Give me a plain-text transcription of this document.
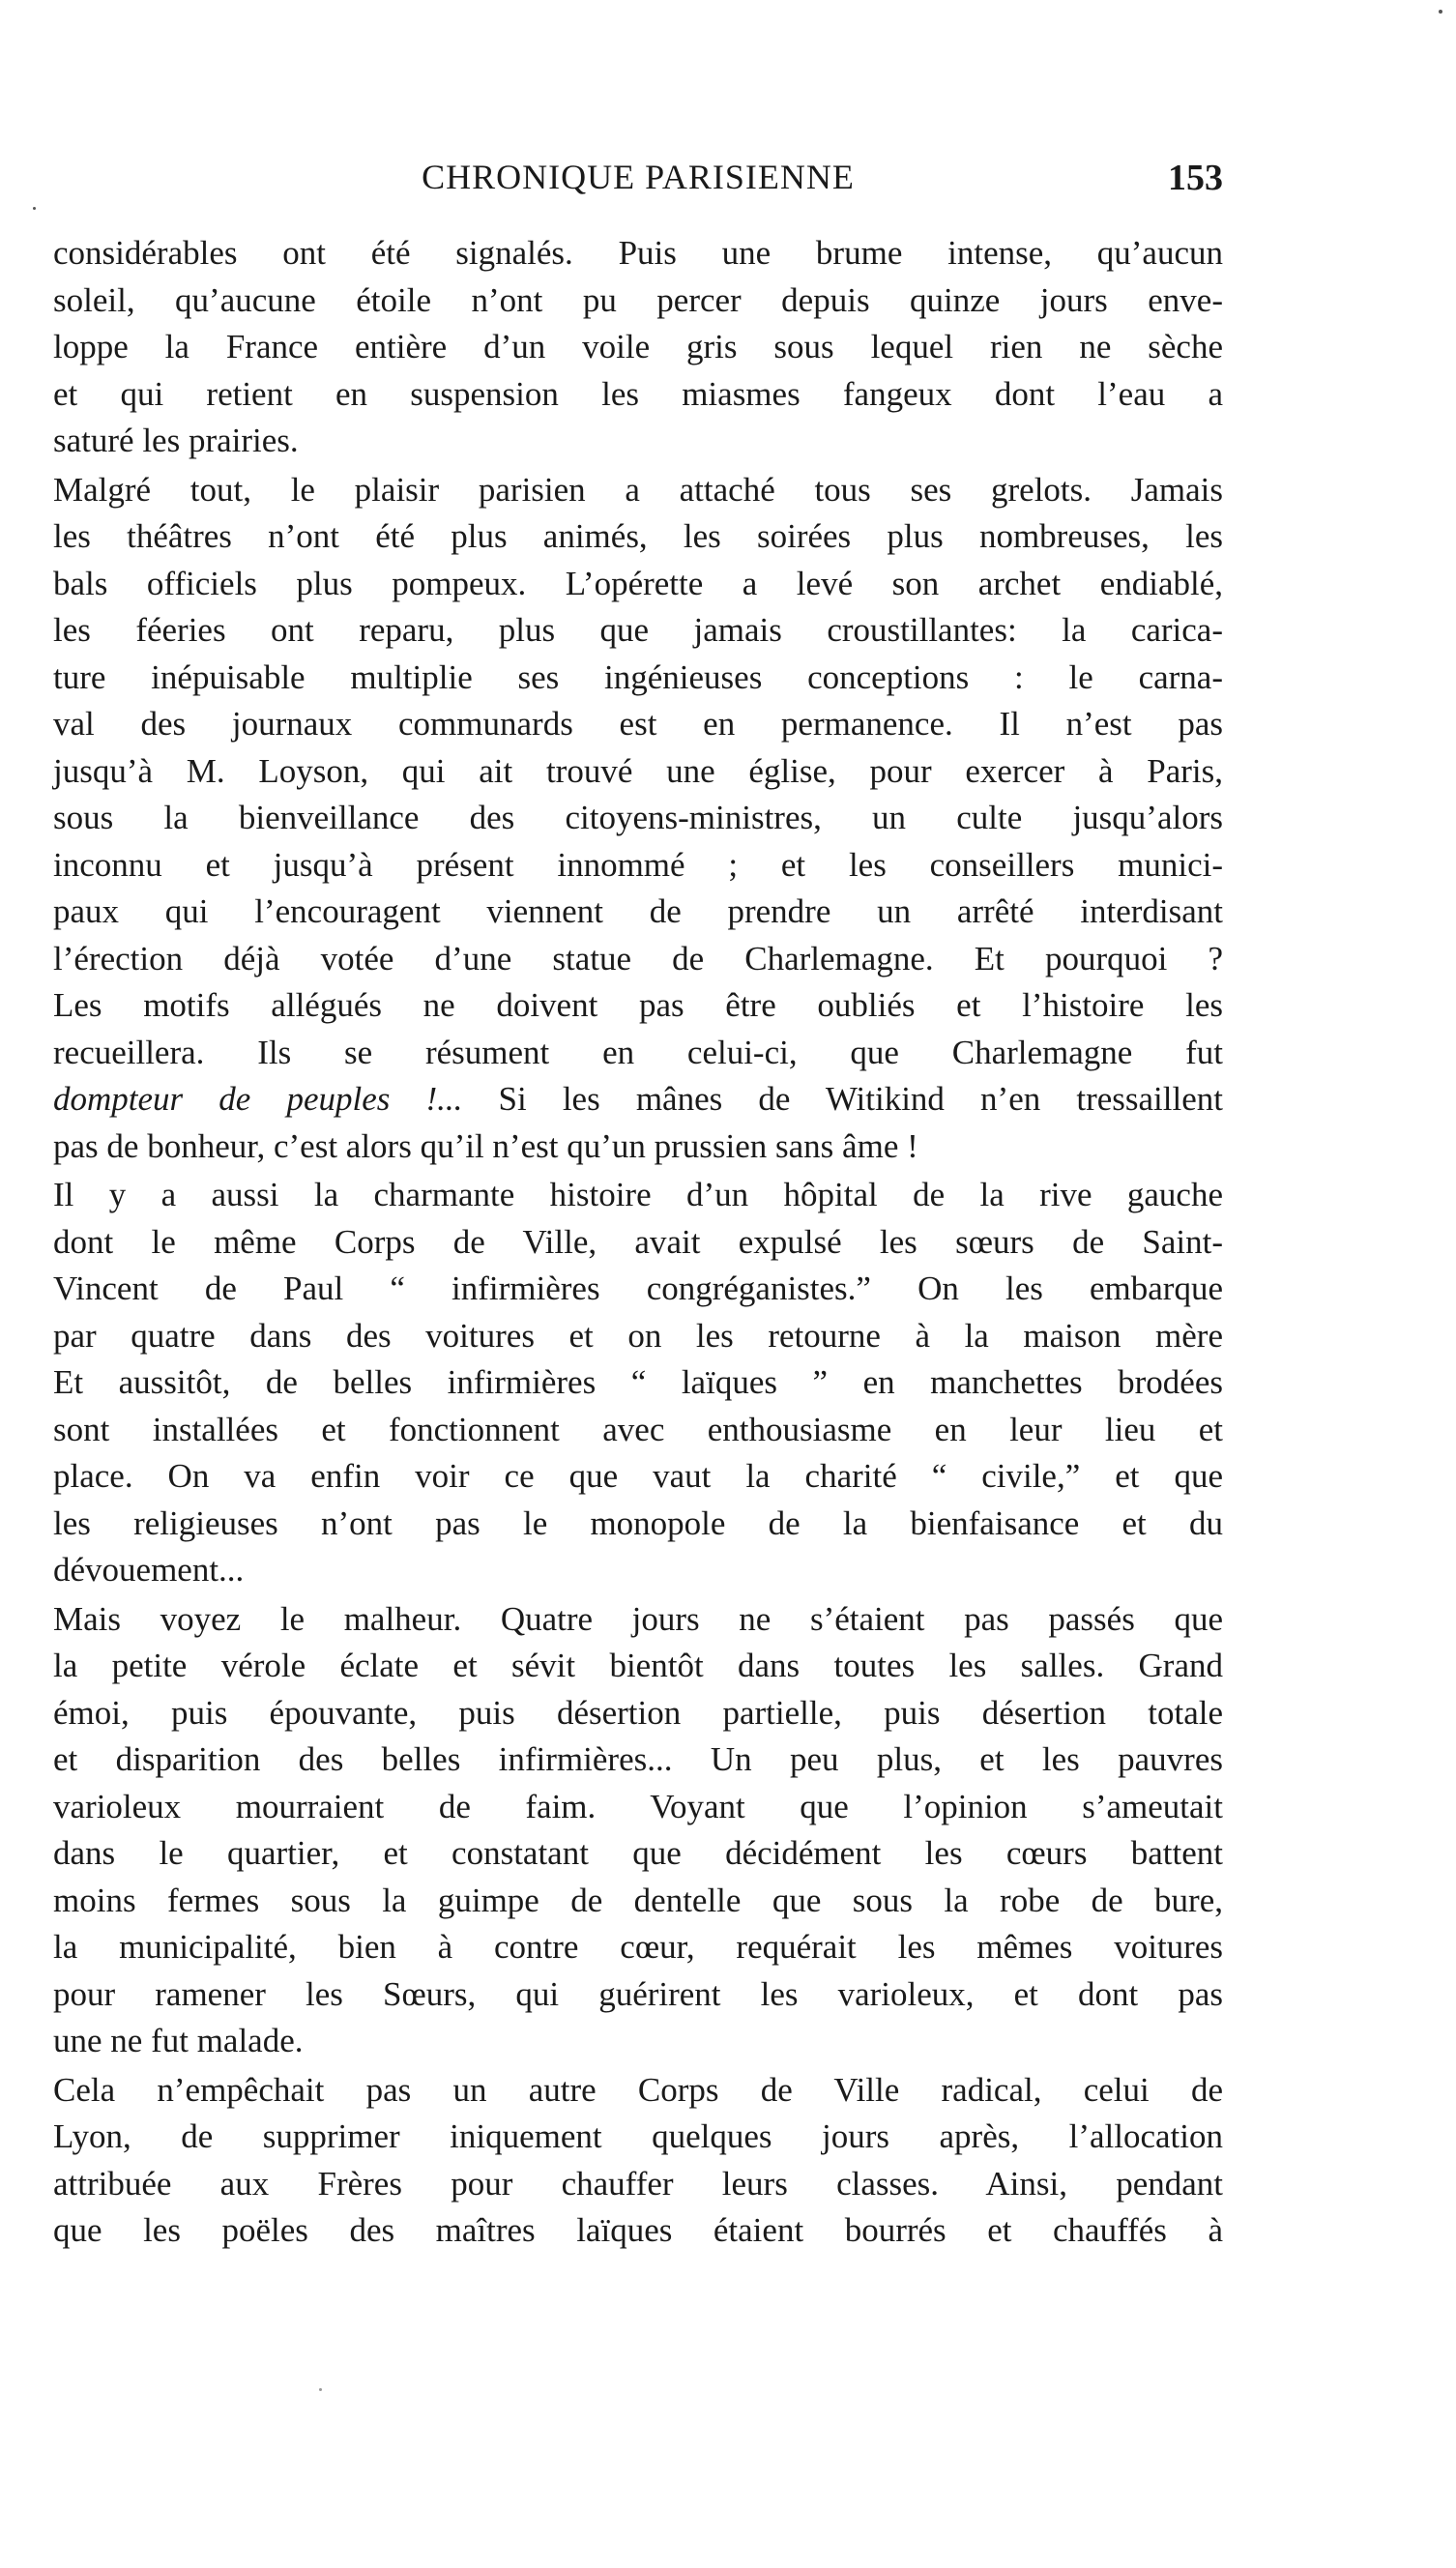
CHRONIQUE PARISIENNE	153
considérables ont été signalés. Puis une brume intense, qu’aucun
soleil, qu’aucune étoile n’ont pu percer depuis quinze jours enve-
loppe la France entière d’un voile gris sous lequel rien ne sèche
et qui retient en suspension les miasmes fangeux dont l’eau a
saturé les prairies.
Malgré tout, le plaisir parisien a attaché tous ses grelots. Jamais
les théâtres n’ont été plus animés, les soirées plus nombreuses, les
bals officiels plus pompeux. L’opérette a levé son archet endiablé,
les féeries ont reparu, plus que jamais croustillantes: la carica-
ture inépuisable multiplie ses ingénieuses conceptions : le carna-
val des journaux communards est en permanence. Il n’est pas
jusqu’à M. Loyson, qui ait trouvé une église, pour exercer à Paris,
sous la bienveillance des citoyens-ministres, un culte jusqu’alors
inconnu et jusqu’à présent innommé ; et les conseillers munici-
paux qui l’encouragent viennent de prendre un arrêté interdisant
l’érection déjà votée d’une statue de Charlemagne. Et pourquoi ?
Les motifs allégués ne doivent pas être oubliés et l’histoire les
recueillera. Ils se résument en celui-ci, que Charlemagne fut
dompteur de peuples !... Si les mânes de Witikind n’en tressaillent
pas de bonheur, c’est alors qu’il n’est qu’un prussien sans âme !
Il y a aussi la charmante histoire d’un hôpital de la rive gauche
dont le même Corps de Ville, avait expulsé les sœurs de Saint-
Vincent de Paul “ infirmières congréganistes.” On les embarque
par quatre dans des voitures et on les retourne à la maison mère
Et aussitôt, de belles infirmières “ laïques ” en manchettes brodées
sont installées et fonctionnent avec enthousiasme en leur lieu et
place. On va enfin voir ce que vaut la charité “ civile,” et que
les religieuses n’ont pas le monopole de la bienfaisance et du
dévouement...
Mais voyez le malheur. Quatre jours ne s’étaient pas passés que
la petite vérole éclate et sévit bientôt dans toutes les salles. Grand
émoi, puis épouvante, puis désertion partielle, puis désertion totale
et disparition des belles infirmières... Un peu plus, et les pauvres
varioleux mourraient de faim. Voyant que l’opinion s’ameutait
dans le quartier, et constatant que décidément les cœurs battent
moins fermes sous la guimpe de dentelle que sous la robe de bure,
la municipalité, bien à contre cœur, requérait les mêmes voitures
pour ramener les Sœurs, qui guérirent les varioleux, et dont pas
une ne fut malade.
Cela n’empêchait pas un autre Corps de Ville radical, celui de
Lyon, de supprimer iniquement quelques jours après, l’allocation
attribuée aux Frères pour chauffer leurs classes. Ainsi, pendant
que les poëles des maîtres laïques étaient bourrés et chauffés à
